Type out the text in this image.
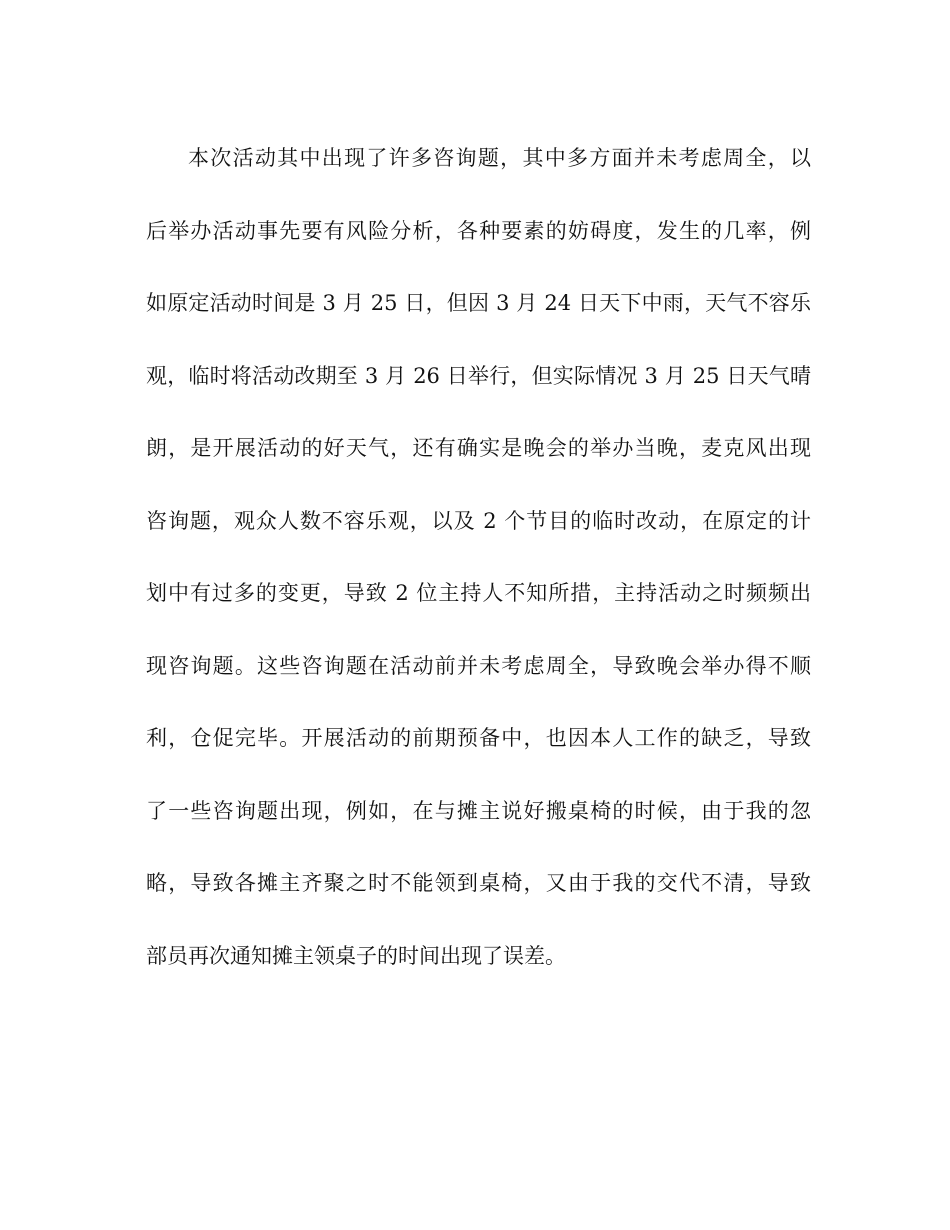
本次活动其中出现了许多咨询题，其中多方面并未考虑周全，以
后举办活动事先要有风险分析，各种要素的妨碍度，发生的几率，例
如原定活动时间是 3 月 25 日，但因 3 月 24 日天下中雨，天气不容乐
观，临时将活动改期至 3 月 26 日举行，但实际情况 3 月 25 日天气晴
朗，是开展活动的好天气，还有确实是晚会的举办当晚，麦克风出现
咨询题，观众人数不容乐观，以及 2 个节目的临时改动，在原定的计
划中有过多的变更，导致 2 位主持人不知所措，主持活动之时频频出
现咨询题。这些咨询题在活动前并未考虑周全，导致晚会举办得不顺
利，仓促完毕。开展活动的前期预备中，也因本人工作的缺乏，导致
了一些咨询题出现，例如，在与摊主说好搬桌椅的时候，由于我的忽
略，导致各摊主齐聚之时不能领到桌椅，又由于我的交代不清，导致
部员再次通知摊主领桌子的时间出现了误差。
